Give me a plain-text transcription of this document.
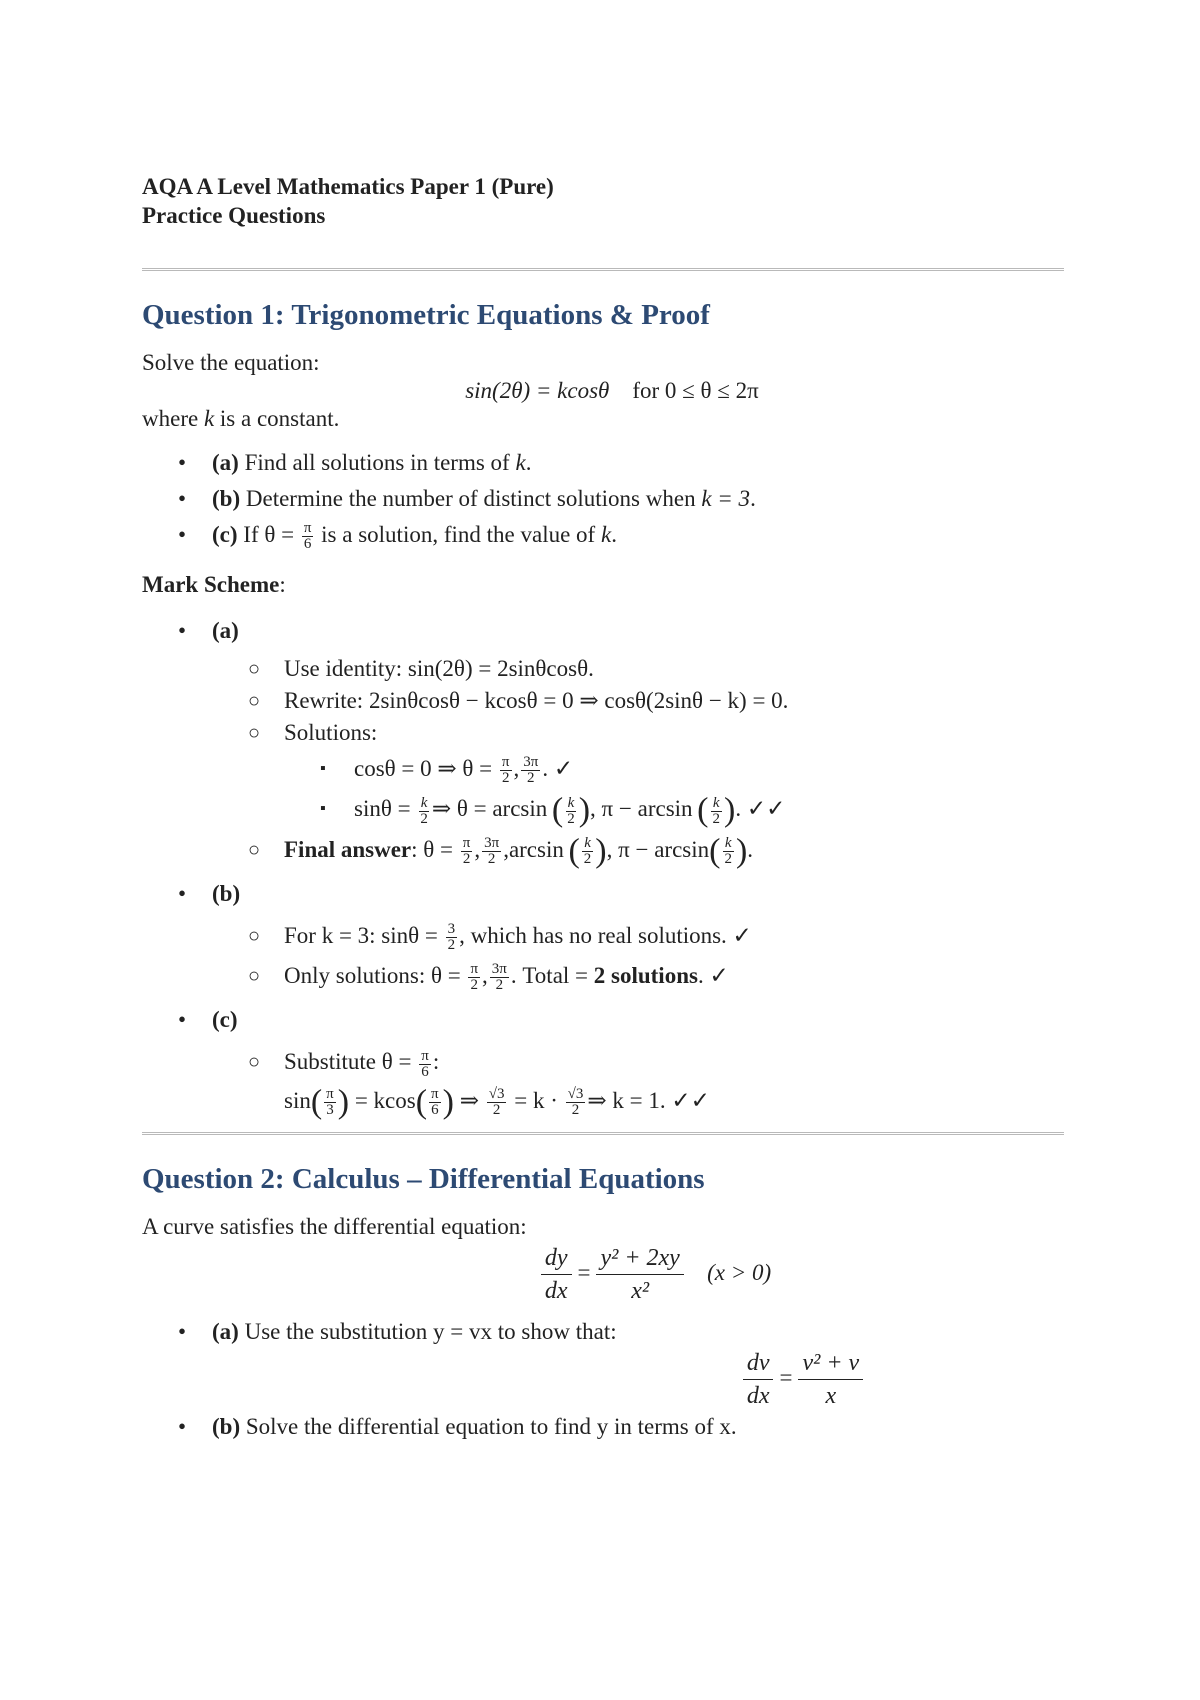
AQA A Level Mathematics Paper 1 (Pure)

Practice Questions

Question 1: Trigonometric Equations & Proof
Solve the equation:
sin(2θ) = kcosθ for 0 ≤ θ ≤ 2π
where k is a constant.
• (a) Find all solutions in terms of k.
• (b) Determine the number of distinct solutions when k = 3.
• (c) If $\theta = \frac{\pi}{6}$ is a solution, find the value of k.
Mark Scheme:
• (a)
○ Use identity: sin(2θ) = 2sinθcosθ.
○ Rewrite: 2sinθcosθ − kcosθ = 0 ⇒ cosθ(2sinθ − k) = 0.
○ Solutions:
▪ cosθ = 0 ⇒ $\theta = \frac{\pi}{2}$ , $\frac{3\pi}{2}$ . ✓
▪ $\sin\theta = \frac{k}{2}$ ⇒ θ = arcsin  ( $\frac{k}{2}$ ), π − arcsin  ( $\frac{k}{2}$ ). ✓✓
○ Final answer: $\theta = \frac{\pi}{2}$ , $\frac{3\pi}{2} ,\arcsin$  ( $\frac{k}{2}$ ), $\pi - \arcsin( \frac{k}{2}$ ).
• (b)
○ For k = 3: $\sin\theta = \frac{3}{2}$ , which has no real solutions. ✓
○ Only solutions: $\theta = \frac{\pi}{2}$ , $\frac{3\pi}{2}$ . Total = 2 solutions. ✓
• (c)
○ Substitute $\theta = \frac{\pi}{6}$ :
$\sin( \frac{\pi}{3}$ ) = $kcos( \frac{\pi}{6}$ ) ⇒ $\frac{√3}{2} = k \cdot \frac{√3}{2}$ ⇒ k = 1. ✓✓
Question 2: Calculus – Differential Equations
A curve satisfies the differential equation:
$\frac{dy}{dx} = \frac{\text{y² + 2xy}}{\text{x²}} (x > 0)$
• (a) Use the substitution y = vx to show that:
$\frac{dv}{dx} = \frac{\text{v² + v}}{x}$
• (b) Solve the differential equation to find y in terms of x.
